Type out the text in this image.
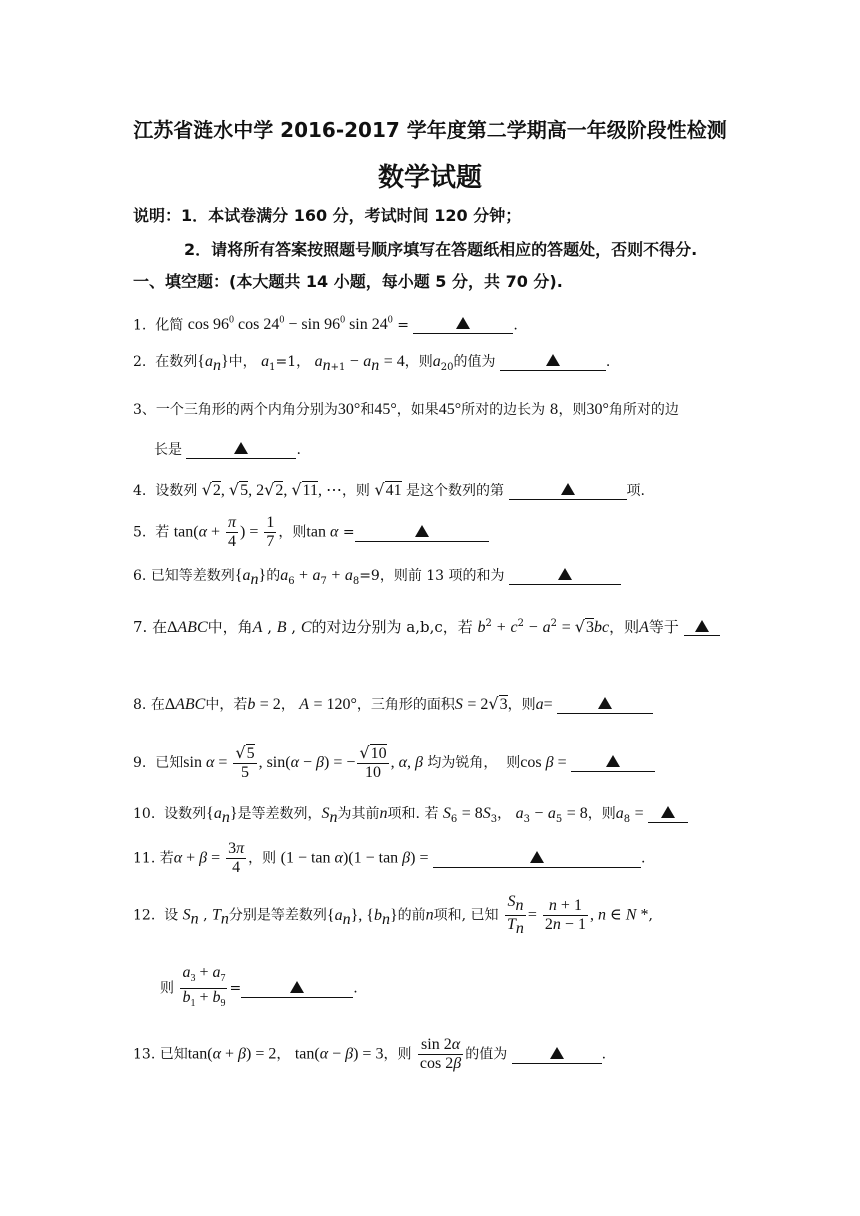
江苏省涟水中学 2016-2017 学年度第二学期高一年级阶段性检测
数学试题
说明：1．本试卷满分 160 分，考试时间 120 分钟；
2．请将所有答案按照题号顺序填写在答题纸相应的答题处，否则不得分.
一、填空题：(本大题共 14 小题，每小题 5 分，共 70 分).
1. 化简 $\cos 96^0$ $\cos 24^0 - \sin 96^0$ $\sin 24^0$ =	.
2. 在数列$\{a_n\}$中， $a_1=1$， $a_{n+1} - a_n = 4$，则$a_{20}$的值为	.
3、一个三角形的两个内角分别为30°和45°，如果45°所对的边长为 8，则30°角所对的边
长是	.
4. 设数列 √2, √5, 2√2, √11, ⋯，则 √41 是这个数列的第	项.
5. 若 $\tan(\alpha + \frac{\pi}{4}$ ) = $\frac{1}{7}$ ，则tan α =
6. 已知等差数列$\{a_n\}$的$a_6 + a_7 + a_8=9$，则前 13 项的和为
7. 在ΔABC中，角A , B , C的对边分别为 a,b,c，若 $b^2 + c^2 - a^2 = √3bc$，则A等于
8. 在ΔABC中，若b = 2， A = 120°，三角形的面积S = 2√3，则a=
9. 已知$\sin \alpha = \frac{√5}{5}$ , sin(α − β) = − $\frac{√10}{10}$ , α, β 均为锐角， 则cos β =
10. 设数列$\{a_n\}$是等差数列，$S_n$为其前n项和. 若 $S_6 = 8S_3$， $a_3 - a_5 = 8$，则$a_8$ =
11. 若$\alpha + \beta = \frac{3\pi}{4}$ ，则 (1 − tan α)(1 − tan β) =	.
12. 设 $S_n$ , $T_n$分别是等差数列$\{a_n\}$, $\{b_n\}$的前n项和, 已知 $\frac{S_n}{T_n} = \frac{n + 1}{2n - 1}$ , n ∈ N *,
则 $\frac{a_3 + a_7}{b_1 + b_9}$ =	.
13. 已知tan(α + β) = 2， tan(α − β) = 3，则 $\frac{\sin 2\alpha}{\cos 2\beta}$ 的值为	.
